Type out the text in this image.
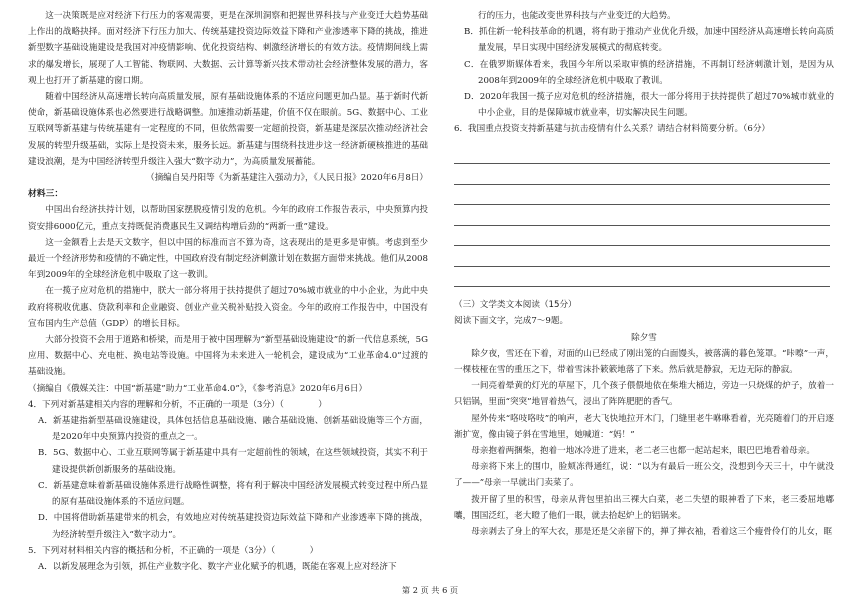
这一决策既是应对经济下行压力的客观需要，更是在深圳洞察和把握世界科技与产业变迁大趋势基础上作出的战略抉择。面对经济下行压力加大、传统基建投资边际效益下降和产业渗透率下降的挑战，推进新型数字基础设施建设是我国对冲疫情影响、优化投资结构、刺激经济增长的有效方法。疫情期间线上需求的爆发增长，展现了人工智能、物联网、大数据、云计算等新兴技术带动社会经济整体发展的潜力，客观上也打开了新基建的窗口期。

随着中国经济从高速增长转向高质量发展，原有基础设施体系的不适应问题更加凸显。基于新时代新使命，新基础设施体系也必然要进行战略调整。加速推动新基建，价值不仅在眼前。5G、数据中心、工业互联网等新基建与传统基建有一定程度的不同，但依然需要一定超前投资，新基建是深层次推动经济社会发展的转型升级基础，实际上是投资未来，服务长远。新基建与围绕科技进步这一经济新硬核推进的基础建设浪潮，是为中国经济转型升级注入强大“数字动力”，为高质量发展蓄能。

（摘编自吴丹阳等《为新基建注入强动力》，《人民日报》2020年6月8日）

材料三：

中国出台经济扶持计划，以帮助国家摆脱疫情引发的危机。今年的政府工作报告表示，中央预算内投资安排6000亿元，重点支持既促消费惠民生又调结构增后劲的“两新一重”建设。

这一金额看上去是天文数字，但以中国的标准而言不算为奇，这表现出的是更多是审慎。考虑到至少最近一个经济形势和疫情的不确定性，中国政府没有制定经济刺激计划在数据方面带来挑战。他们从2008年到2009年的全球经济危机中吸取了这一教训。

在一揽子应对危机的措施中，朕大一部分将用于扶持提供了超过70%城市就业的中小企业，为此中央政府将税收优惠、贷款利率和企业融资、创业产业关税补贴投入资金。今年的政府工作报告中，中国没有宣布国内生产总值（GDP）的增长目标。

大部分投资不会用于道路和桥梁，而是用于被中国理解为“新型基础设施建设”的新一代信息系统，5G应用、数据中心、充电桩、换电站等设施。中国将为未来进入一轮机会，建设成为“工业革命4.0”过渡的基础设施。

（摘编自《俄媒关注：中国“新基建”助力“工业革命4.0”》，《参考消息》2020年6月6日）

4．下列对新基建相关内容的理解和分析，不正确的一项是（3分）（　　　　）

A．新基建指新型基础设施建设，具体包括信息基础设施、融合基础设施、创新基础设施等三个方面，是2020年中央预算内投资的重点之一。

B．5G、数据中心、工业互联网等属于新基建中具有一定超前性的领域，在这些领域投资，其实不利于建设提供新创新服务的基础设施。

C．新基建意味着新基础设施体系进行战略性调整，将有利于解决中国经济发展模式转变过程中所凸显的原有基础设施体系的不适应问题。

D．中国将借助新基建带来的机会，有效地应对传统基建投资边际效益下降和产业渗透率下降的挑战，为经济转型升级注入“数字动力”。

5．下列对材料相关内容的概括和分析，不正确的一项是（3分）（　　　　）

A．以新发展理念为引领，抓住产业数字化、数字产业化赋予的机遇，既能在客观上应对经济下

行的压力，也能改变世界科技与产业变迁的大趋势。

B．抓住新一轮科技革命的机遇，将有助于推动产业优化升级，加速中国经济从高速增长转向高质量发展，早日实现中国经济发展模式的彻底转变。

C．在俄罗斯媒体看来，我国今年所以采取审慎的经济措施，不再制订经济刺激计划，是因为从2008年到2009年的全球经济危机中吸取了教训。

D．2020年我国一揽子应对危机的经济措施，很大一部分将用于扶持提供了超过70%城市就业的中小企业，目的是保障城市就业率，切实解决民生问题。

6．我国重点投资支持新基建与抗击疫情有什么关系？请结合材料简要分析。（6分）

（三）文学类文本阅读（15分）

阅读下面文字，完成7～9题。

除夕雪

除夕夜，雪还在下着，对面的山已经成了刚出笼的白面馒头，被落满的暮色笼罩。“咔嚓”一声，一棵枝桠在雪的重压之下，带着雪沫扑簌簌地落了下来。然后就是静寂，无边无际的静寂。

一间亮着晕黄的灯光的草屋下，几个孩子偎偎地依在柴堆大桶边，旁边一只烧煤的炉子，放着一只铝锅，里面“突突”地冒着热气，浸出了阵阵肥肥的香气。

屋外传来“咯吱咯吱”的响声，老大飞快地拉开木门，门缝里老牛咻咻看着，光亮随着门的开启逐渐扩宽，像由镜子斜在雪地里，她喊道：“妈！”

母亲抱着两捆柴，抱着一地冰冷进了进来，老二老三也都一起站起来，眼巴巴地看着母亲。

母亲将下来上的围巾，脸颊冻得通红，说：“以为有最后一班公交，没想到今天三十，中午就没了——”母亲一早就出门卖菜了。

拨开留了里的积雪，母亲从背包里拍出三裸大白菜，老二失望的眼神看了下来，老三委屈地嘟囔，围国泛红，老大瞪了他们一眼，就去拾起炉上的铝锅来。

母亲剥去了身上的军大衣，那是还是父亲留下的，掸了掸衣袖，看着这三个瘦骨伶仃的儿女，眶

第 2 页 共 6 页
